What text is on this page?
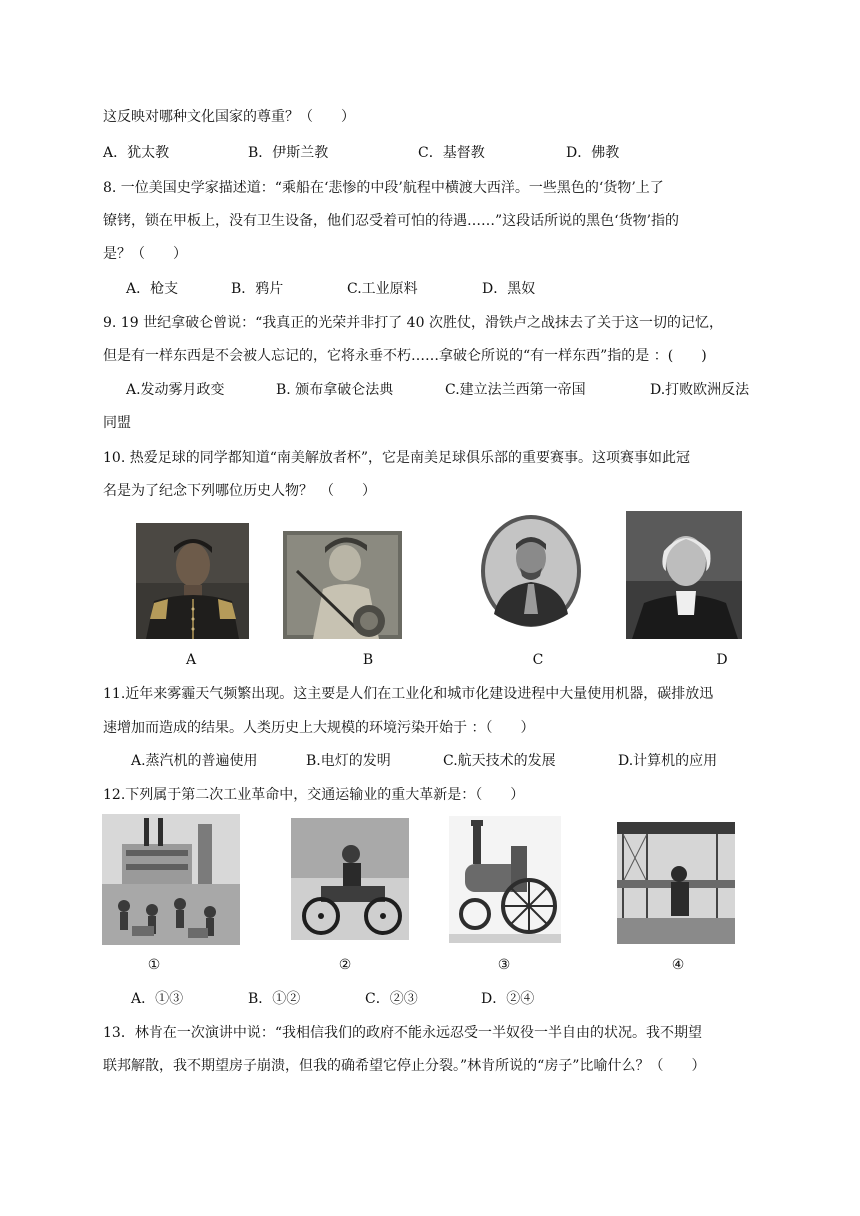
这反映对哪种文化国家的尊重？（　　）
A．犹太教	B．伊斯兰教	C．基督教	D．佛教
8. 一位美国史学家描述道：“乘船在‘悲惨的中段’航程中横渡大西洋。一些黑色的‘货物’上了
镣铐，锁在甲板上，没有卫生设备，他们忍受着可怕的待遇……”这段话所说的黑色‘货物’指的
是？（　　）
A．枪支	B．鸦片	C.工业原料	D．黑奴
9. 19 世纪拿破仑曾说：“我真正的光荣并非打了 40 次胜仗，滑铁卢之战抹去了关于这一切的记忆，
但是有一样东西是不会被人忘记的，它将永垂不朽……拿破仑所说的“有一样东西”指的是 ：(　　)
A.发动雾月政变	B. 颁布拿破仑法典	C.建立法兰西第一帝国	D.打败欧洲反法
同盟
10. 热爱足球的同学都知道“南美解放者杯”，它是南美足球俱乐部的重要赛事。这项赛事如此冠
名是为了纪念下列哪位历史人物？　（　　）
A	B	C	D
11.近年来雾霾天气频繁出现。这主要是人们在工业化和城市化建设进程中大量使用机器，碳排放迅
速增加而造成的结果。人类历史上大规模的环境污染开始于 ：（　　）
A.蒸汽机的普遍使用	B.电灯的发明	C.航天技术的发展	D.计算机的应用
12.下列属于第二次工业革命中，交通运输业的重大革新是：（　　）
①	②	③	④
A．①③	B．①②	C．②③	D．②④
13．林肯在一次演讲中说：“我相信我们的政府不能永远忍受一半奴役一半自由的状况。我不期望
联邦解散，我不期望房子崩溃，但我的确希望它停止分裂。”林肯所说的“房子”比喻什么？（　　）
